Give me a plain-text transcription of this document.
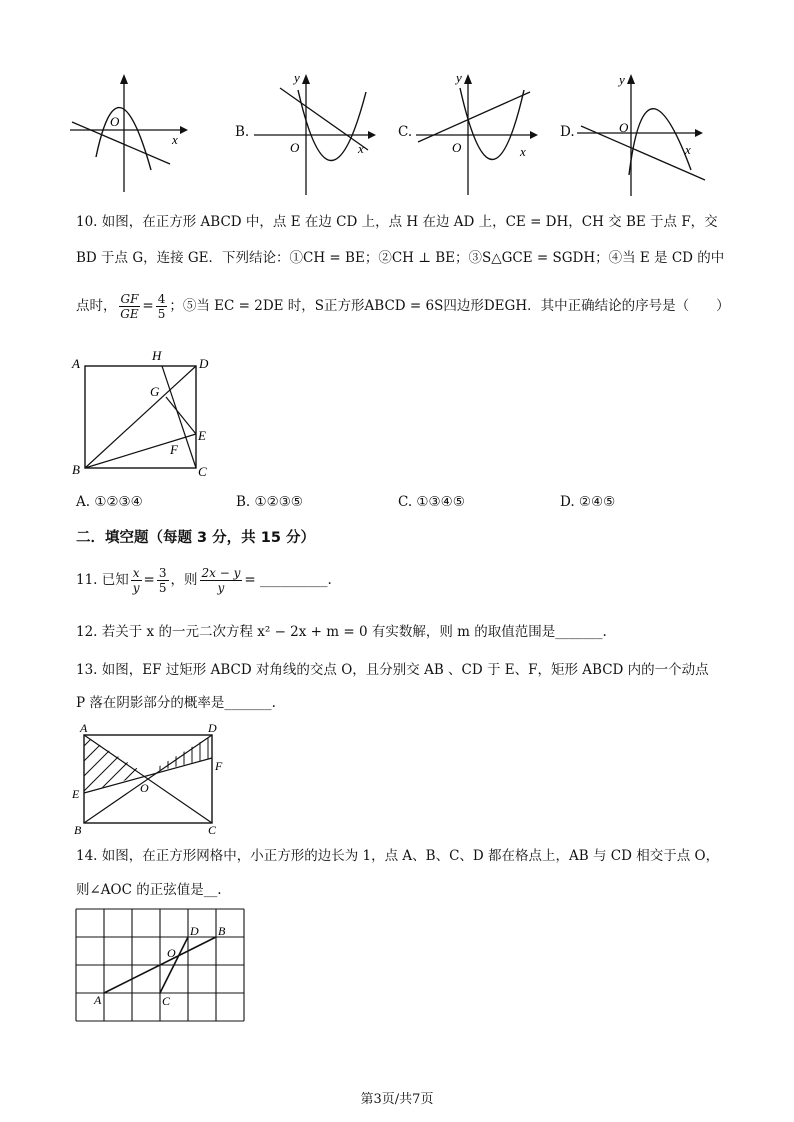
O
x	B.
y
O	x
C.
y
O	x
D.
y
O
x
10. 如图，在正方形 ABCD 中，点 E 在边 CD 上，点 H 在边 AD 上，CE = DH，CH 交 BE 于点 F，交
BD 于点 G，连接 GE．下列结论：①CH = BE；②CH ⊥ BE；③S△GCE = SGDH；④当 E 是 CD 的中
点时， $\frac{GF}{GE} = \frac{4}{5}$ ；⑤当 EC = 2DE 时，S正方形ABCD = 6S四边形DEGH．其中正确结论的序号是（　　）
A
H
D
G
E
F
B	C
A. ①②③④	B. ①②③⑤	C. ①③④⑤	D. ②④⑤
二．填空题（每题 3 分，共 15 分）
11. 已知 $\frac{x}{y} = \frac{3}{5}$ ，则 $\frac{2x - y}{y}$ = __________.
12. 若关于 x 的一元二次方程 x² − 2x + m = 0 有实数解，则 m 的取值范围是_______.
13. 如图，EF 过矩形 ABCD 对角线的交点 O，且分别交 AB 、CD 于 E、F，矩形 ABCD 内的一个动点
P 落在阴影部分的概率是_______.
A	D
F
O
E
B	C
14. 如图，在正方形网格中，小正方形的边长为 1，点 A、B、C、D 都在格点上，AB 与 CD 相交于点 O，
则∠AOC 的正弦值是__.
D B
O
A	C
第3页/共7页
